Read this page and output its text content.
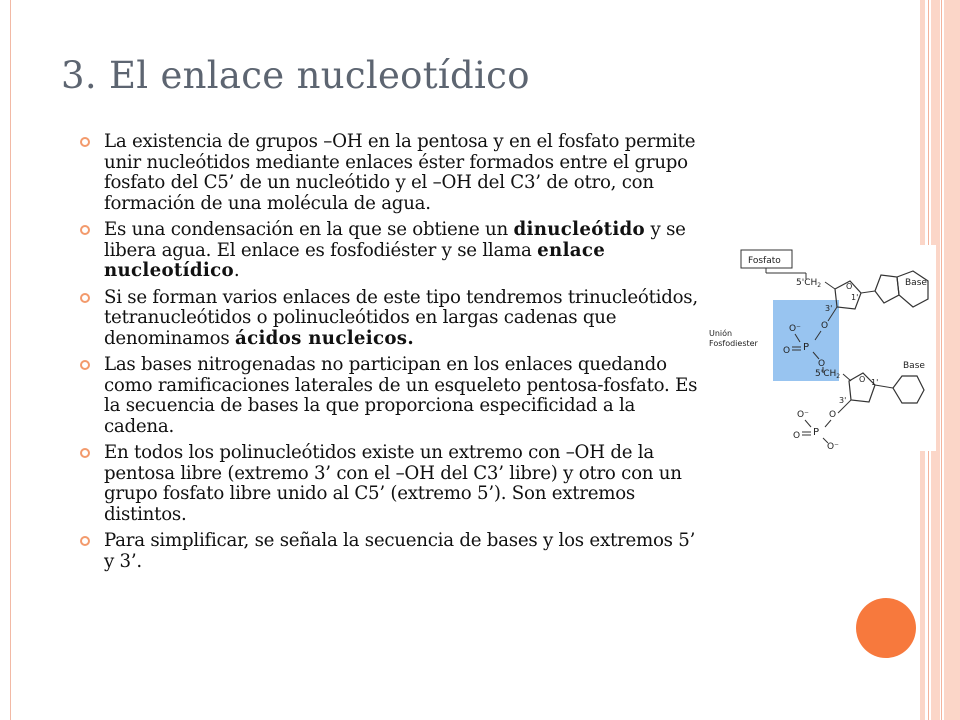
3. El enlace nucleotídico
La existencia de grupos –OH en la pentosa y en el fosfato permite unir nucleótidos mediante enlaces éster formados entre el grupo fosfato del C5’ de un nucleótido y el –OH del C3’ de otro, con formación de una molécula de agua.
Es una condensación en la que se obtiene un dinucleótido y se libera agua. El enlace es fosfodiéster y se llama enlace nucleotídico.
Si se forman varios enlaces de este tipo tendremos trinucleótidos, tetranucleótidos o polinucleótidos en largas cadenas que denominamos ácidos nucleicos.
Las bases nitrogenadas no participan en los enlaces quedando como ramificaciones laterales de un esqueleto pentosa-fosfato. Es la secuencia de bases la que proporciona especificidad a la cadena.
En todos los polinucleótidos existe un extremo con –OH de la pentosa libre (extremo 3’ con el –OH del C3’ libre) y otro con un grupo fosfato libre unido al C5’ (extremo 5’). Son extremos distintos.
Para simplificar, se señala la secuencia de bases y los extremos 5’ y 3’.
Fosfato
$5'CH_2$	O
1'
3'
Base
O
O⁻
P
O
O
$5'CH_2$ O 1'
3'
Base
O
O⁻
P
O
O⁻
Unión
Fosfodiester
